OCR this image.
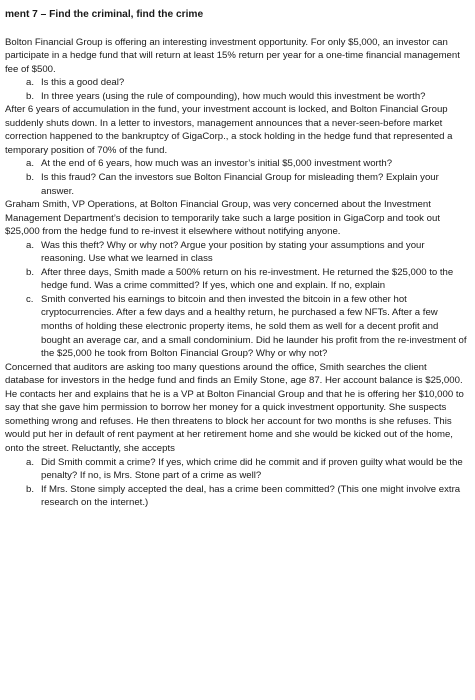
ment 7 – Find the criminal, find the crime

Bolton Financial Group is offering an interesting investment opportunity. For only $5,000, an investor can participate in a hedge fund that will return at least 15% return per year for a one-time financial management fee of $500.

a. Is this a good deal?
b. In three years (using the rule of compounding), how much would this investment be worth?

After 6 years of accumulation in the fund, your investment account is locked, and Bolton Financial Group suddenly shuts down. In a letter to investors, management announces that a never-seen-before market correction happened to the bankruptcy of GigaCorp., a stock holding in the hedge fund that represented a temporary position of 70% of the fund.

a. At the end of 6 years, how much was an investor’s initial $5,000 investment worth?
b. Is this fraud? Can the investors sue Bolton Financial Group for misleading them? Explain your answer.

Graham Smith, VP Operations, at Bolton Financial Group, was very concerned about the Investment Management Department’s decision to temporarily take such a large position in GigaCorp and took out $25,000 from the hedge fund to re-invest it elsewhere without notifying anyone.

a. Was this theft? Why or why not? Argue your position by stating your assumptions and your reasoning. Use what we learned in class
b. After three days, Smith made a 500% return on his re-investment. He returned the $25,000 to the hedge fund. Was a crime committed? If yes, which one and explain. If no, explain
c. Smith converted his earnings to bitcoin and then invested the bitcoin in a few other hot cryptocurrencies. After a few days and a healthy return, he purchased a few NFTs. After a few months of holding these electronic property items, he sold them as well for a decent profit and bought an average car, and a small condominium. Did he launder his profit from the re-investment of the $25,000 he took from Bolton Financial Group? Why or why not?

Concerned that auditors are asking too many questions around the office, Smith searches the client database for investors in the hedge fund and finds an Emily Stone, age 87. Her account balance is $25,000. He contacts her and explains that he is a VP at Bolton Financial Group and that he is offering her $10,000 to say that she gave him permission to borrow her money for a quick investment opportunity. She suspects something wrong and refuses. He then threatens to block her account for two months is she refuses. This would put her in default of rent payment at her retirement home and she would be kicked out of the home, onto the street. Reluctantly, she accepts

a. Did Smith commit a crime? If yes, which crime did he commit and if proven guilty what would be the penalty? If no, is Mrs. Stone part of a crime as well?
b. If Mrs. Stone simply accepted the deal, has a crime been committed? (This one might involve extra research on the internet.)
